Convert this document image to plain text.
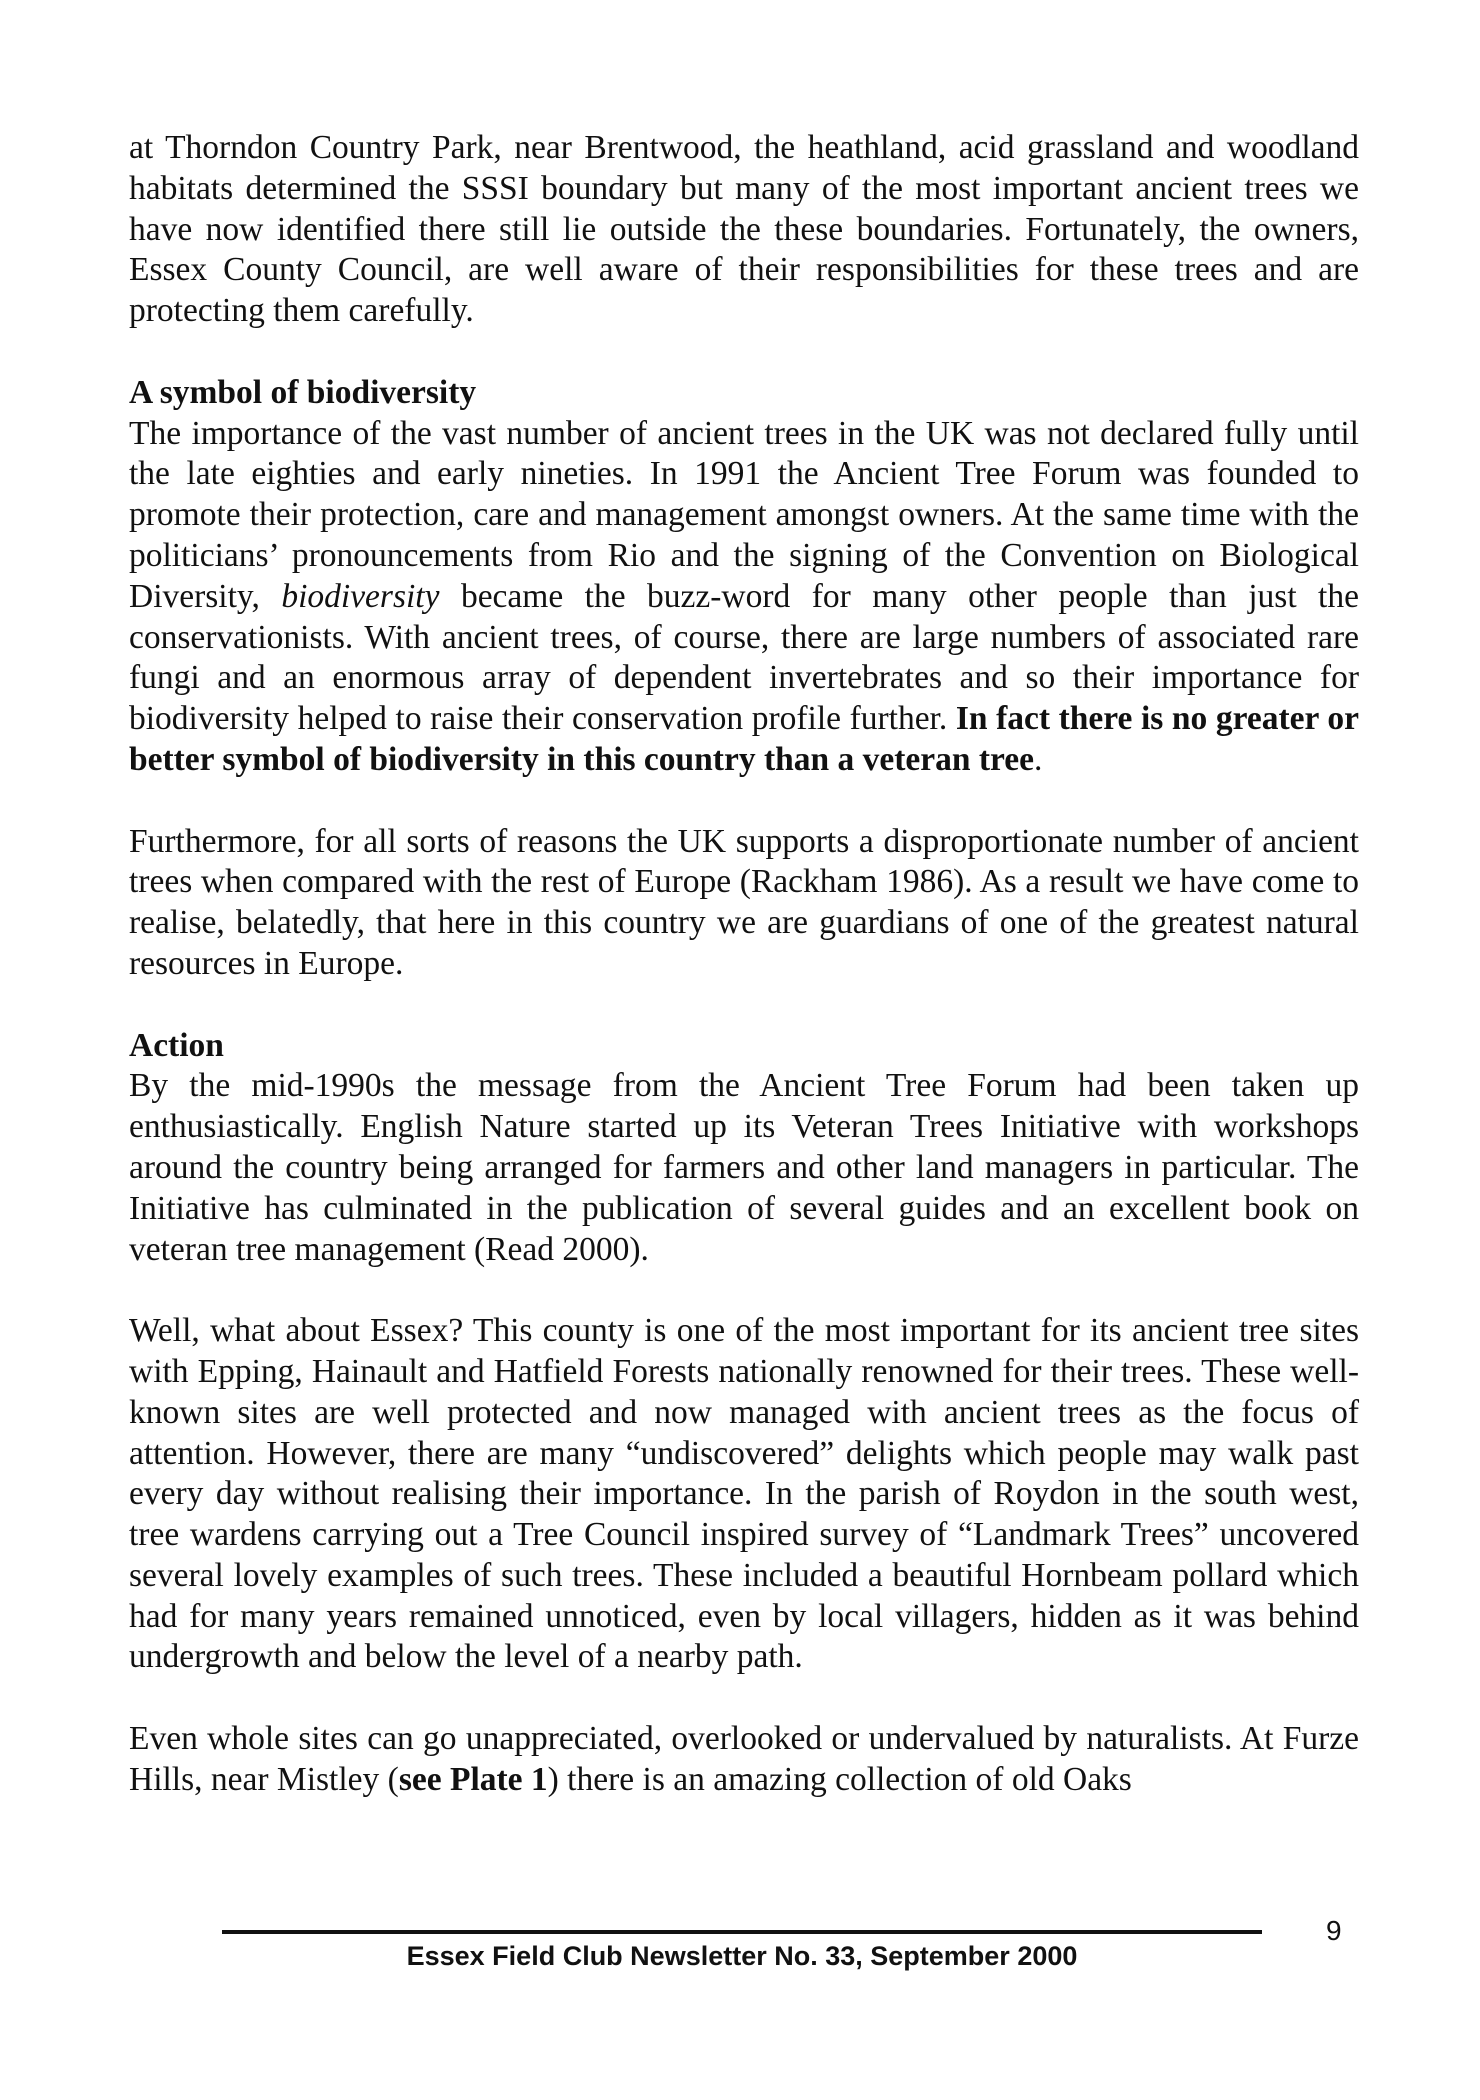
at Thorndon Country Park, near Brentwood, the heathland, acid grassland and woodland habitats determined the SSSI boundary but many of the most important ancient trees we have now identified there still lie outside the these boundaries. Fortunately, the owners, Essex County Council, are well aware of their responsibilities for these trees and are protecting them carefully.

A symbol of biodiversity

The importance of the vast number of ancient trees in the UK was not declared fully until the late eighties and early nineties. In 1991 the Ancient Tree Forum was founded to promote their protection, care and management amongst owners. At the same time with the politicians’ pronouncements from Rio and the signing of the Convention on Biological Diversity, biodiversity became the buzz-word for many other people than just the conservationists. With ancient trees, of course, there are large numbers of associated rare fungi and an enormous array of dependent invertebrates and so their importance for biodiversity helped to raise their conservation profile further. In fact there is no greater or better symbol of biodiversity in this country than a veteran tree.

Furthermore, for all sorts of reasons the UK supports a disproportionate number of ancient trees when compared with the rest of Europe (Rackham 1986). As a result we have come to realise, belatedly, that here in this country we are guardians of one of the greatest natural resources in Europe.

Action

By the mid-1990s the message from the Ancient Tree Forum had been taken up enthusiastically. English Nature started up its Veteran Trees Initiative with workshops around the country being arranged for farmers and other land managers in particular. The Initiative has culminated in the publication of several guides and an excellent book on veteran tree management (Read 2000).

Well, what about Essex? This county is one of the most important for its ancient tree sites with Epping, Hainault and Hatfield Forests nationally renowned for their trees. These well-known sites are well protected and now managed with ancient trees as the focus of attention. However, there are many “undiscovered” delights which people may walk past every day without realising their importance. In the parish of Roydon in the south west, tree wardens carrying out a Tree Council inspired survey of “Landmark Trees” uncovered several lovely examples of such trees. These included a beautiful Hornbeam pollard which had for many years remained unnoticed, even by local villagers, hidden as it was behind undergrowth and below the level of a nearby path.

Even whole sites can go unappreciated, overlooked or undervalued by naturalists. At Furze Hills, near Mistley (see Plate 1) there is an amazing collection of old Oaks

Essex Field Club Newsletter No. 33, September 2000
9
